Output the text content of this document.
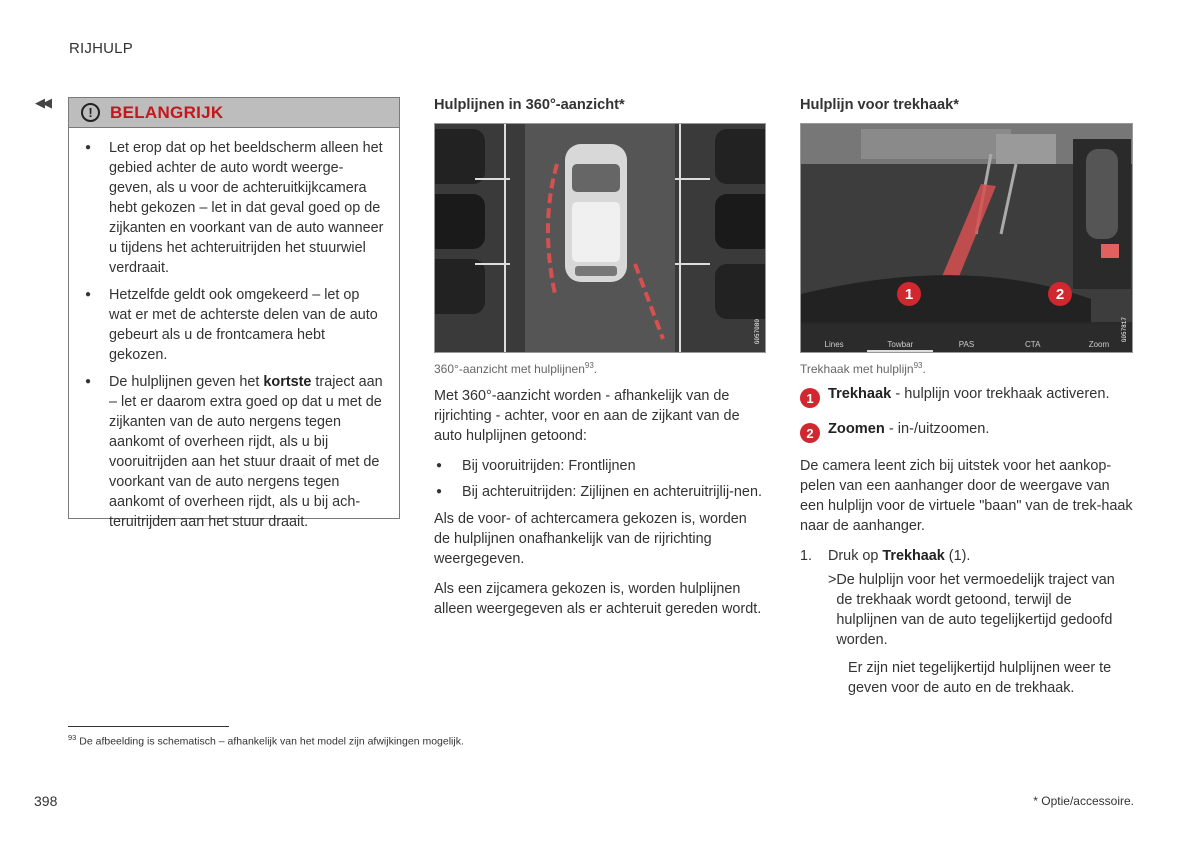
RIJHULP
◀◀
!	BELANGRIJK
● Let erop dat op het beeldscherm alleen het gebied achter de auto wordt weerge-geven, als u voor de achteruitkijkcamera hebt gekozen – let in dat geval goed op de zijkanten en voorkant van de auto wanneer u tijdens het achteruitrijden het stuurwiel verdraait.
● Hetzelfde geldt ook omgekeerd – let op wat er met de achterste delen van de auto gebeurt als u de frontcamera hebt gekozen.
● De hulplijnen geven het kortste traject aan – let er daarom extra goed op dat u met de zijkanten van de auto nergens tegen aankomt of overheen rijdt, als u bij vooruitrijden aan het stuur draait of met de voorkant van de auto nergens tegen aankomt of overheen rijdt, als u bij ach-teruitrijden aan het stuur draait.
Hulplijnen in 360°-aanzicht*
G057080
360°-aanzicht met hulplijnen$^{93}$.

Met 360°-aanzicht worden - afhankelijk van de rijrichting - achter, voor en aan de zijkant van de auto hulplijnen getoond:

● Bij vooruitrijden: Frontlijnen
● Bij achteruitrijden: Zijlijnen en achteruitrijlij-nen.

Als de voor- of achtercamera gekozen is, worden de hulplijnen onafhankelijk van de rijrichting weergegeven.

Als een zijcamera gekozen is, worden hulplijnen alleen weergegeven als er achteruit gereden wordt.

Hulplijn voor trekhaak*
1	2
Lines	Towbar	PAS	CTA	Zoom
G057817
Trekhaak met hulplijn$^{93}$.
1 Trekhaak - hulplijn voor trekhaak activeren.
2 Zoomen - in-/uitzoomen.

De camera leent zich bij uitstek voor het aankop-pelen van een aanhanger door de weergave van een hulplijn voor de virtuele "baan" van de trek-haak naar de aanhanger.

1.	Druk op Trekhaak (1).
> De hulplijn voor het vermoedelijk traject van de trekhaak wordt getoond, terwijl de hulplijnen van de auto tegelijkertijd gedoofd worden.
Er zijn niet tegelijkertijd hulplijnen weer te geven voor de auto en de trekhaak.
$^{93}$ De afbeelding is schematisch – afhankelijk van het model zijn afwijkingen mogelijk.
398	* Optie/accessoire.
